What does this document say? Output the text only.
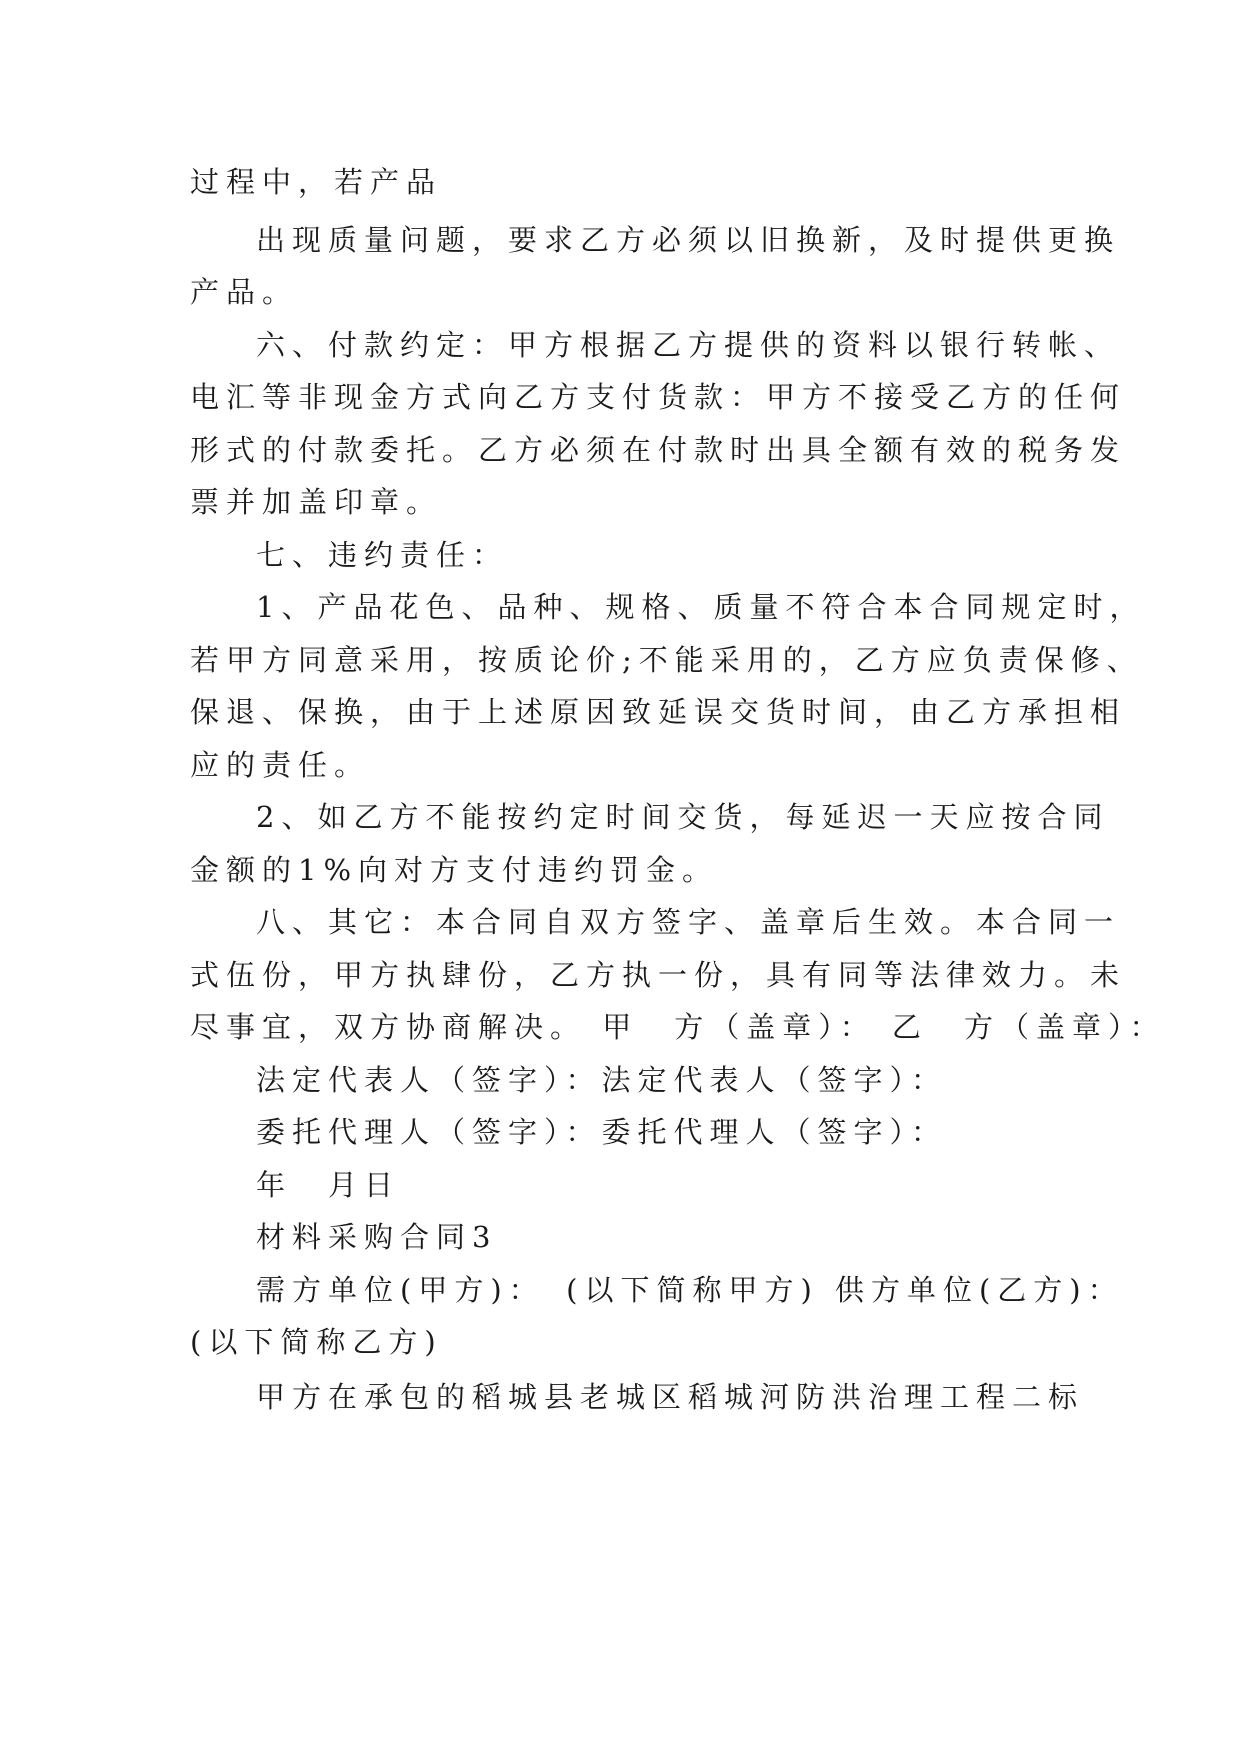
过程中，若产品
出现质量问题，要求乙方必须以旧换新，及时提供更换
产品。
六、付款约定：甲方根据乙方提供的资料以银行转帐、
电汇等非现金方式向乙方支付货款：甲方不接受乙方的任何
形式的付款委托。乙方必须在付款时出具全额有效的税务发
票并加盖印章。
七、违约责任：
1、产品花色、品种、规格、质量不符合本合同规定时，
若甲方同意采用，按质论价;不能采用的，乙方应负责保修、
保退、保换，由于上述原因致延误交货时间，由乙方承担相
应的责任。
2、如乙方不能按约定时间交货，每延迟一天应按合同
金额的1%向对方支付违约罚金。
八、其它：本合同自双方签字、盖章后生效。本合同一
式伍份，甲方执肆份，乙方执一份，具有同等法律效力。未
尽事宜，双方协商解决。 甲　方（盖章）： 乙　方（盖章）：
法定代表人（签字）：法定代表人（签字）：
委托代理人（签字）：委托代理人（签字）：
年　月日
材料采购合同3
需方单位(甲方)：　(以下简称甲方) 供方单位(乙方)：
(以下简称乙方)
甲方在承包的稻城县老城区稻城河防洪治理工程二标
